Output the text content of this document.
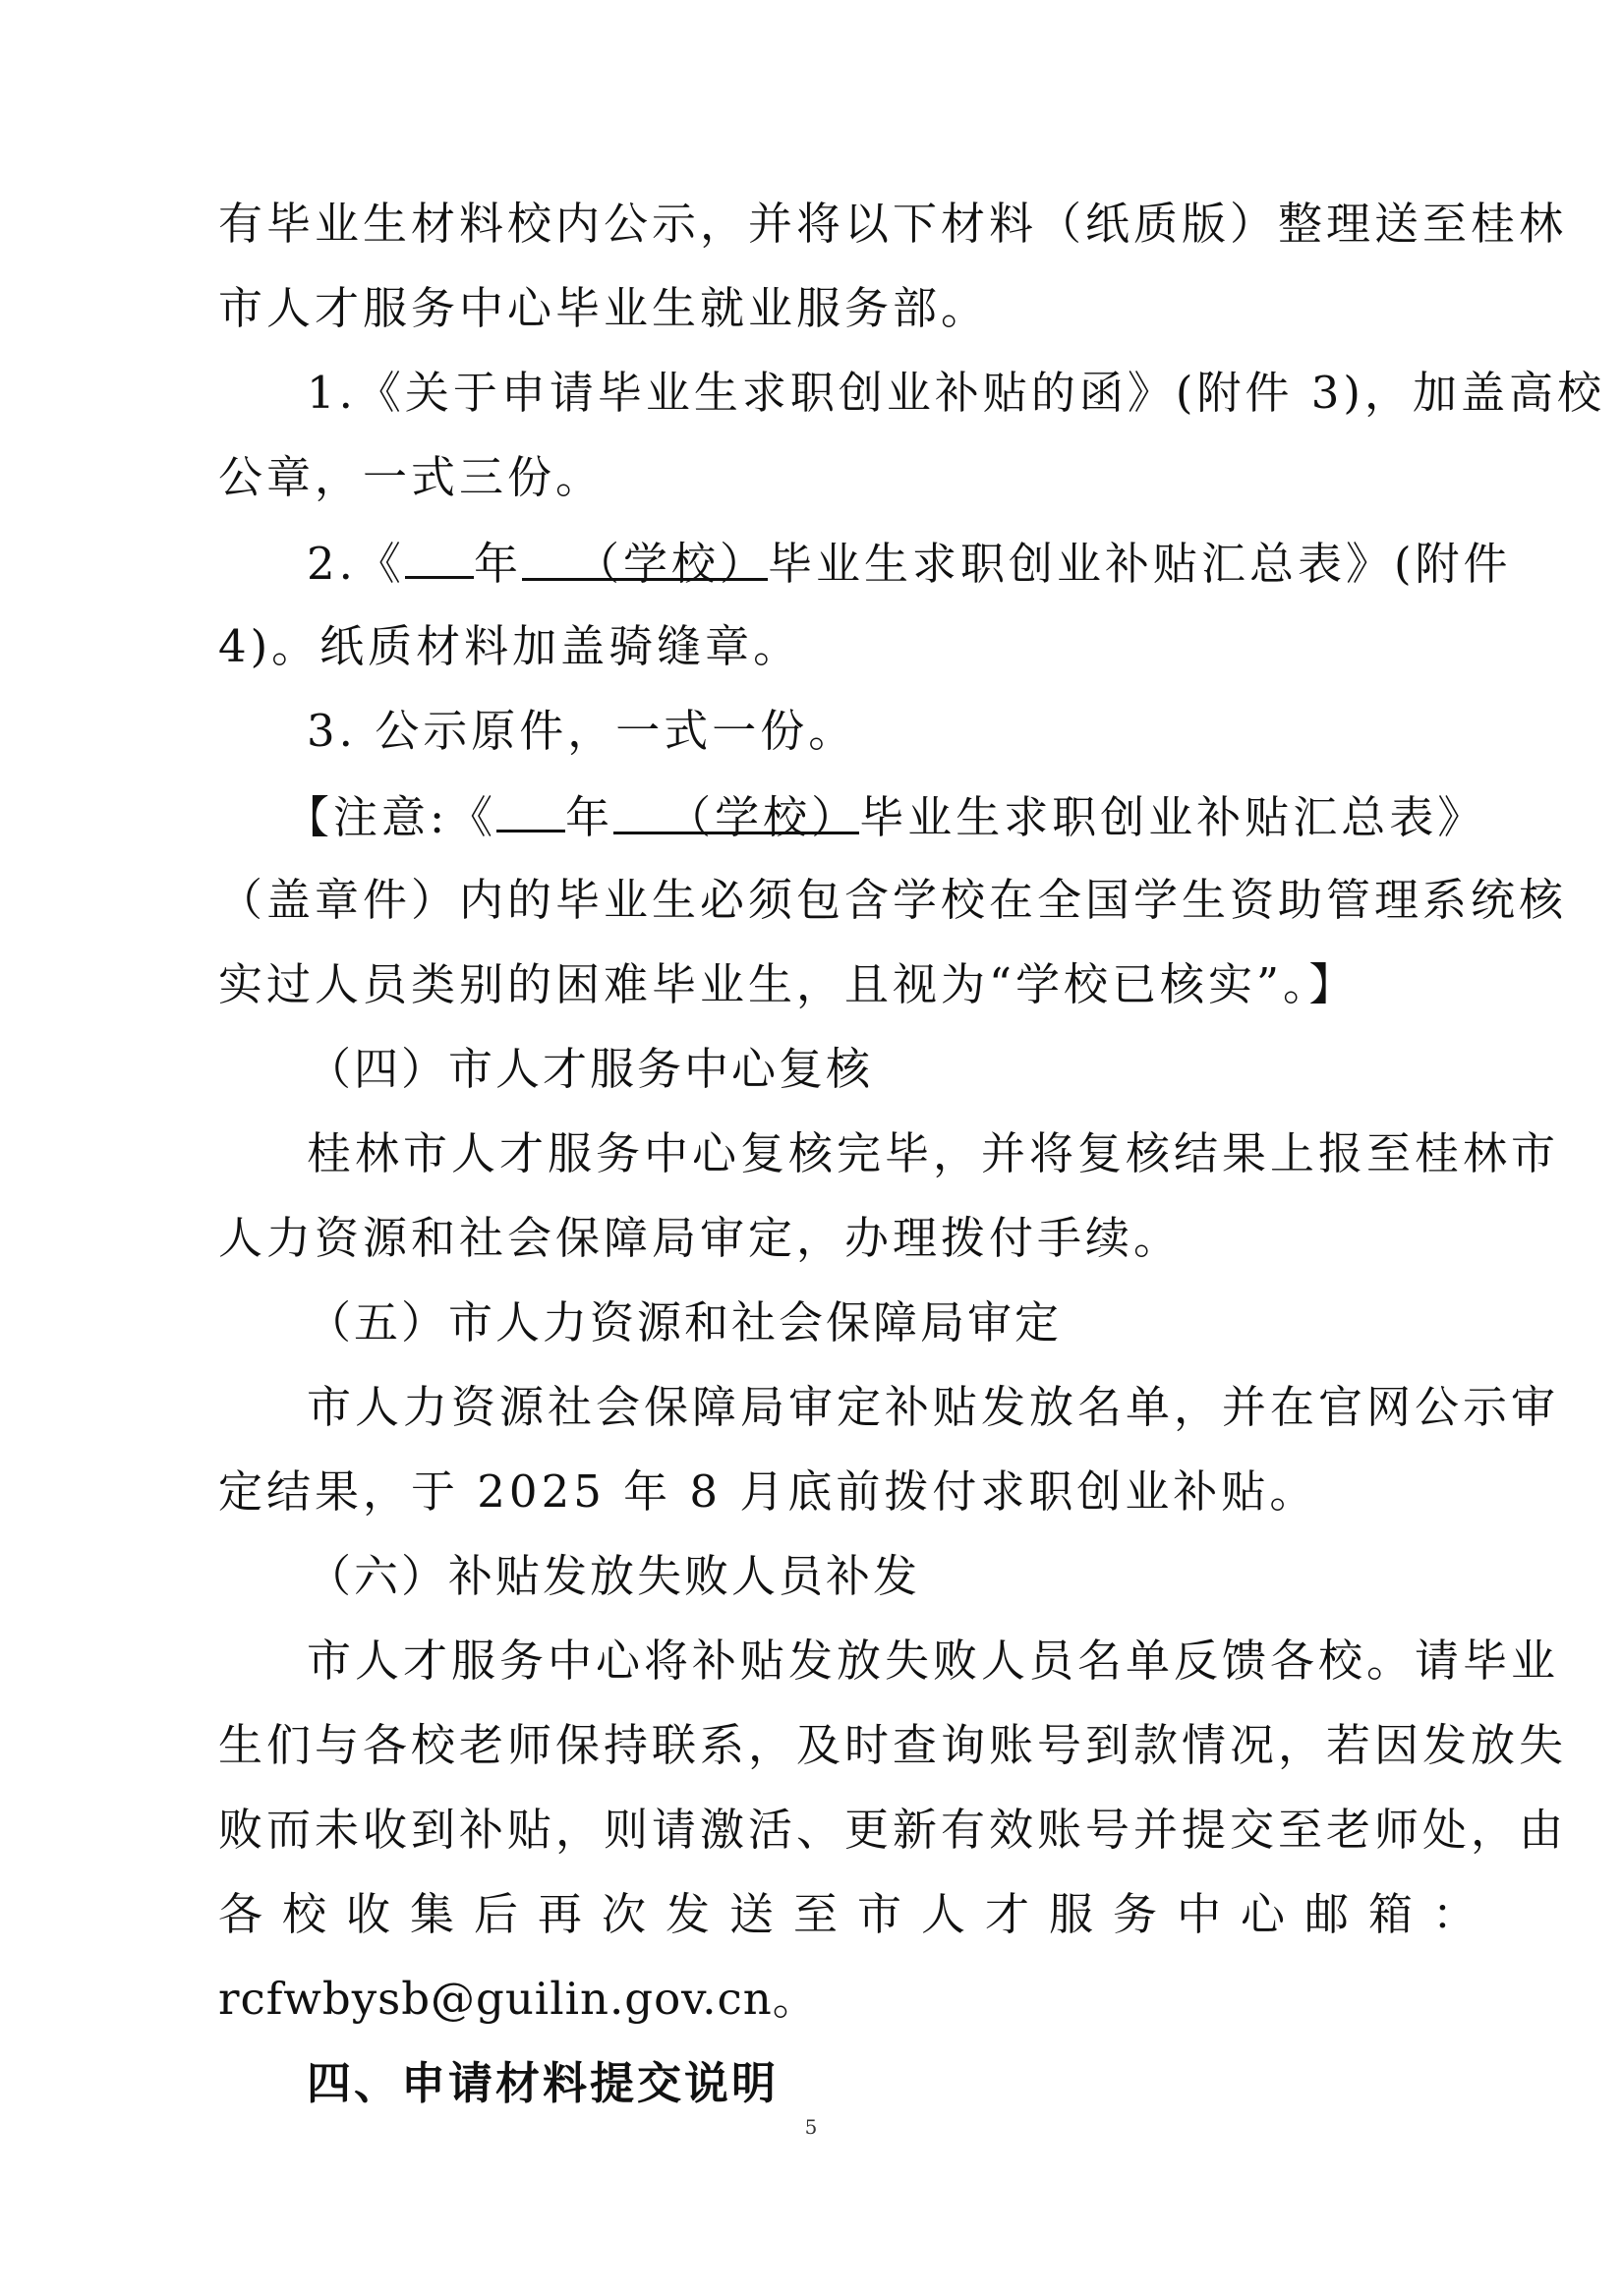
有毕业生材料校内公示，并将以下材料（纸质版）整理送至桂林
市人才服务中心毕业生就业服务部。
1.《关于申请毕业生求职创业补贴的函》(附件 3)，加盖高校
公章，一式三份。
2.《 年 （学校）毕业生求职创业补贴汇总表》(附件
4)。纸质材料加盖骑缝章。
3. 公示原件，一式一份。
【注意:《 年 （学校）毕业生求职创业补贴汇总表》
（盖章件）内的毕业生必须包含学校在全国学生资助管理系统核
实过人员类别的困难毕业生，且视为“学校已核实”。】
（四）市人才服务中心复核
桂林市人才服务中心复核完毕，并将复核结果上报至桂林市
人力资源和社会保障局审定，办理拨付手续。
（五）市人力资源和社会保障局审定
市人力资源社会保障局审定补贴发放名单，并在官网公示审
定结果，于 2025 年 8 月底前拨付求职创业补贴。
（六）补贴发放失败人员补发
市人才服务中心将补贴发放失败人员名单反馈各校。请毕业
生们与各校老师保持联系，及时查询账号到款情况，若因发放失
败而未收到补贴，则请激活、更新有效账号并提交至老师处，由
各校收集后再次发送至市人才服务中心邮箱：
rcfwbysb@guilin.gov.cn。
四、申请材料提交说明
5
